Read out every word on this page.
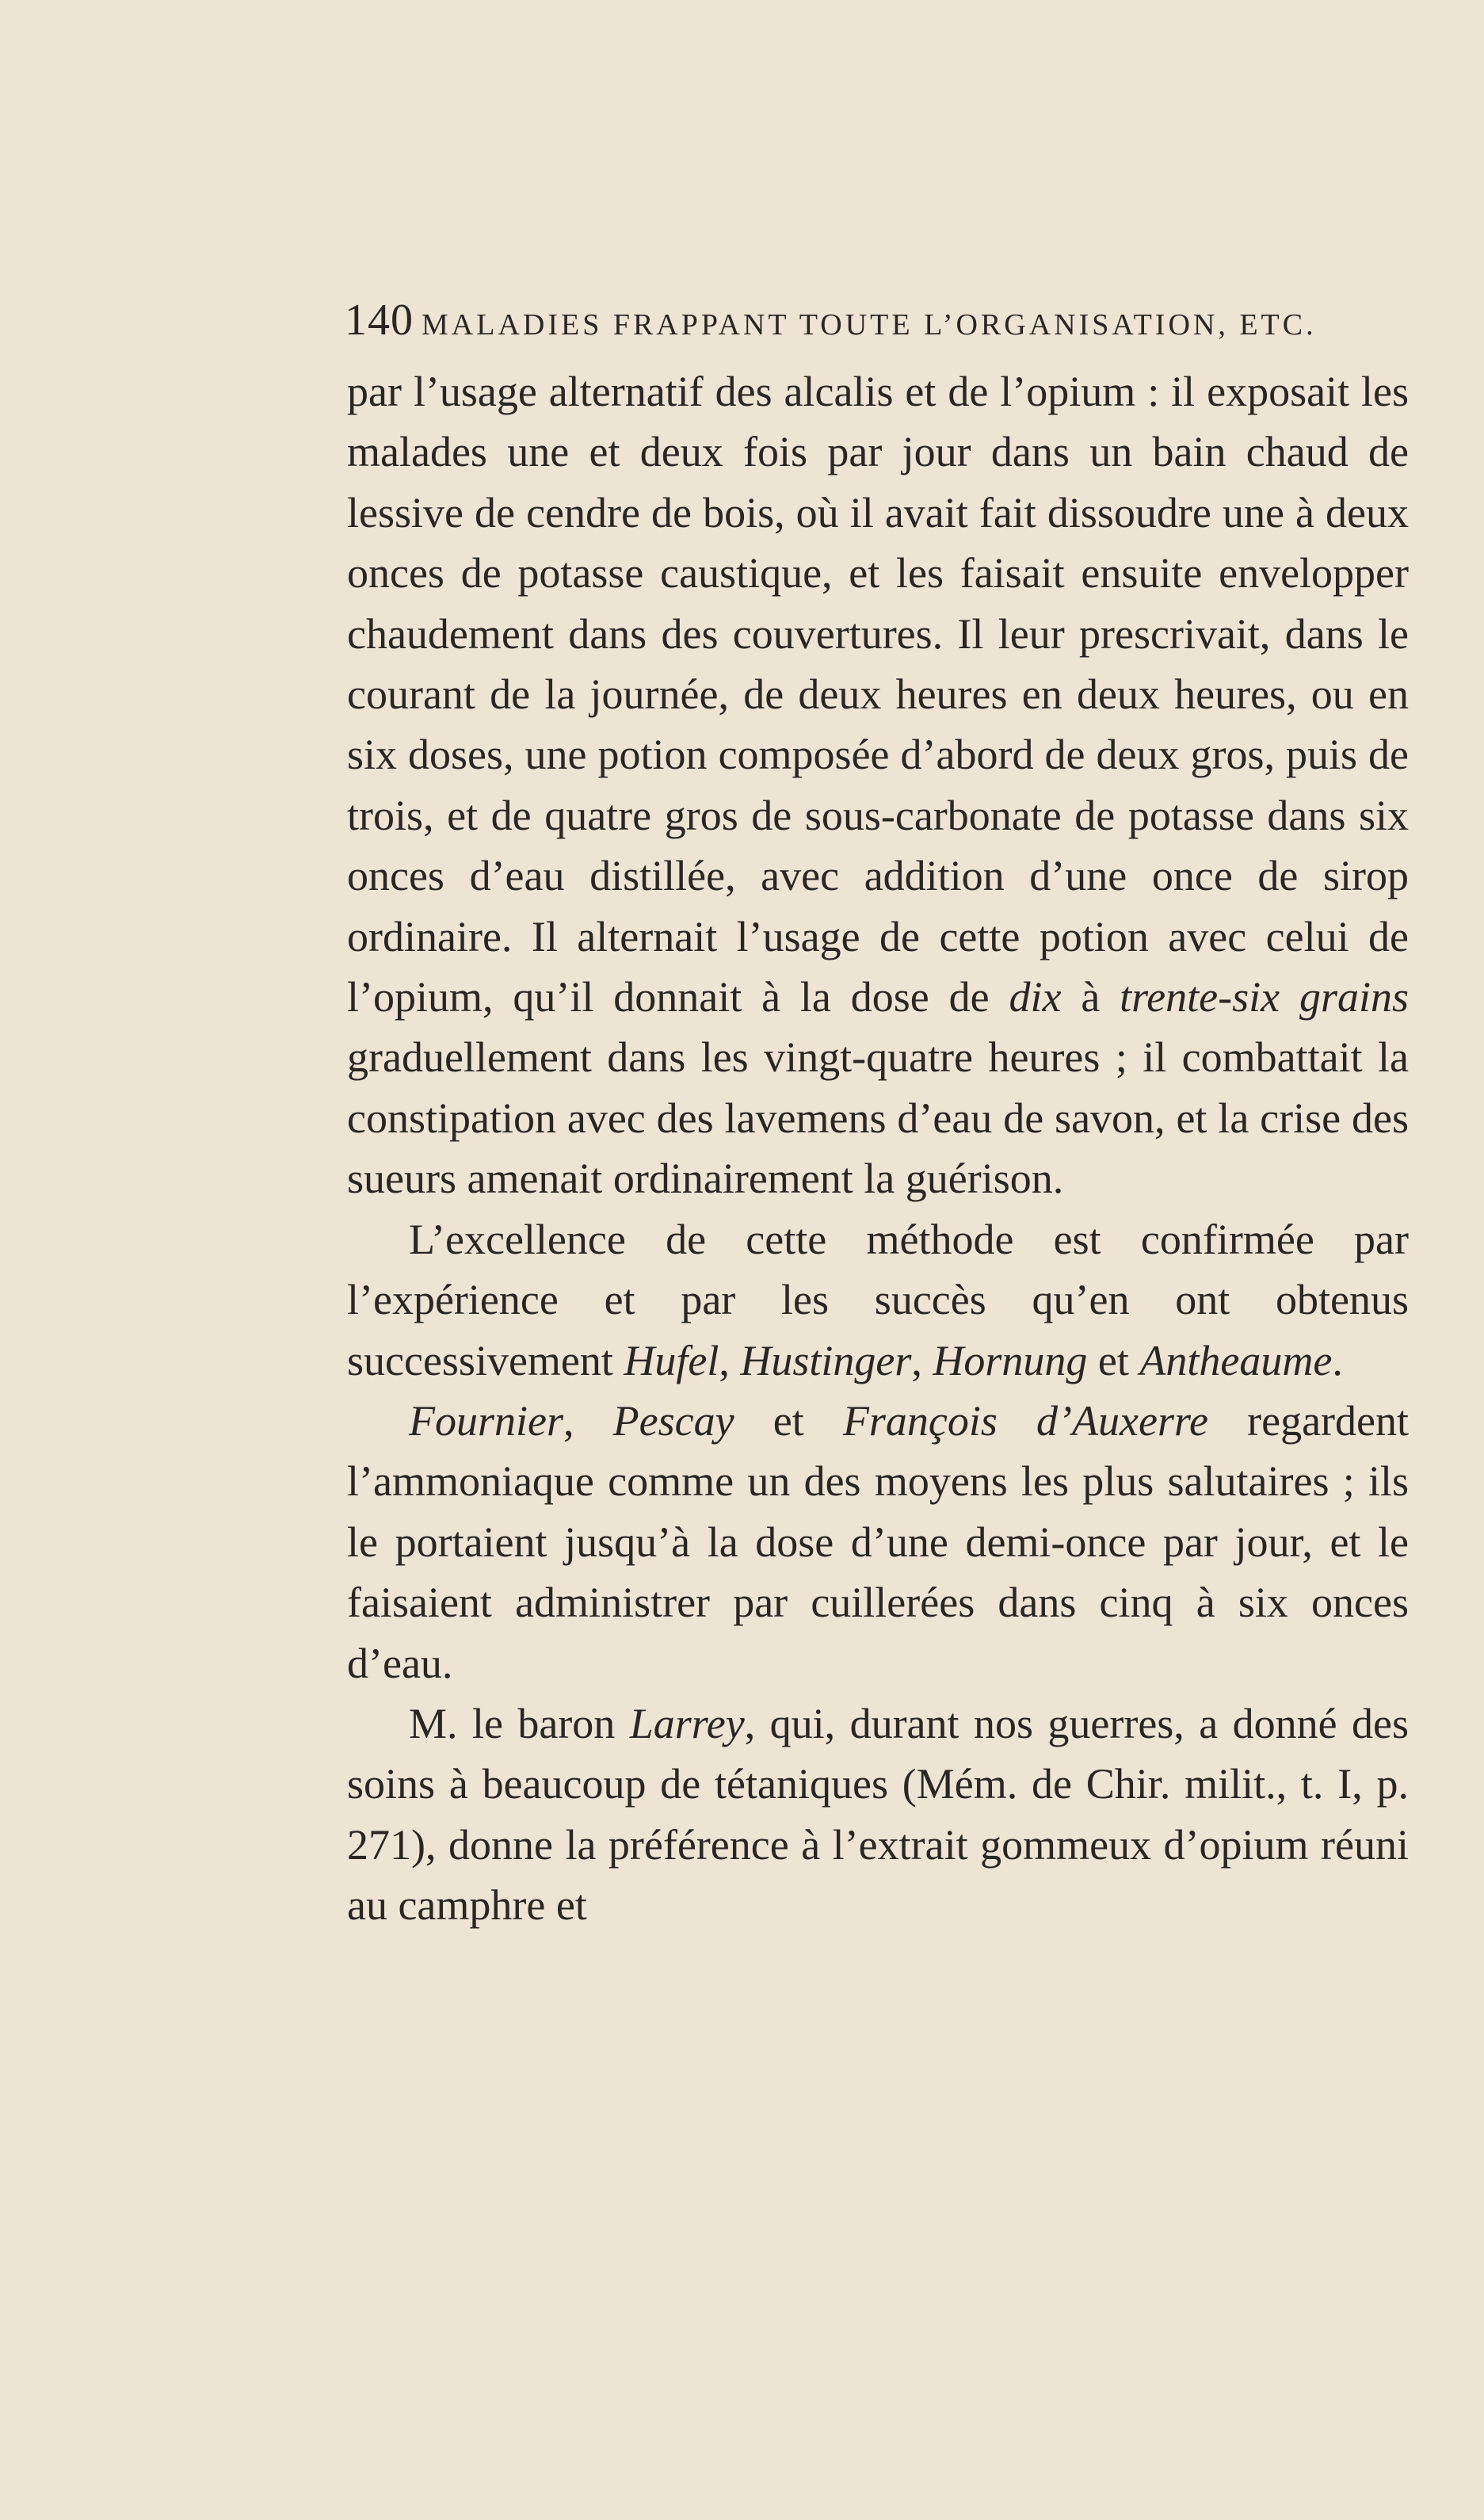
140 MALADIES FRAPPANT TOUTE L’ORGANISATION, ETC.

par l’usage alternatif des alcalis et de l’opium : il exposait les malades une et deux fois par jour dans un bain chaud de lessive de cendre de bois, où il avait fait dissoudre une à deux onces de potasse caustique, et les faisait ensuite envelopper chaudement dans des couvertures. Il leur prescrivait, dans le courant de la journée, de deux heures en deux heures, ou en six doses, une potion composée d’abord de deux gros, puis de trois, et de quatre gros de sous-carbonate de potasse dans six onces d’eau distillée, avec addition d’une once de sirop ordinaire. Il alternait l’usage de cette potion avec celui de l’opium, qu’il donnait à la dose de dix à trente-six grains graduellement dans les vingt-quatre heures ; il combattait la constipation avec des lavemens d’eau de savon, et la crise des sueurs amenait ordinairement la guérison.

L’excellence de cette méthode est confirmée par l’expérience et par les succès qu’en ont obtenus successivement Hufel, Hustinger, Hornung et Antheaume.

Fournier, Pescay et François d’Auxerre regardent l’ammoniaque comme un des moyens les plus salutaires ; ils le portaient jusqu’à la dose d’une demi-once par jour, et le faisaient administrer par cuillerées dans cinq à six onces d’eau.

M. le baron Larrey, qui, durant nos guerres, a donné des soins à beaucoup de tétaniques (Mém. de Chir. milit., t. I, p. 271), donne la préférence à l’extrait gommeux d’opium réuni au camphre et
